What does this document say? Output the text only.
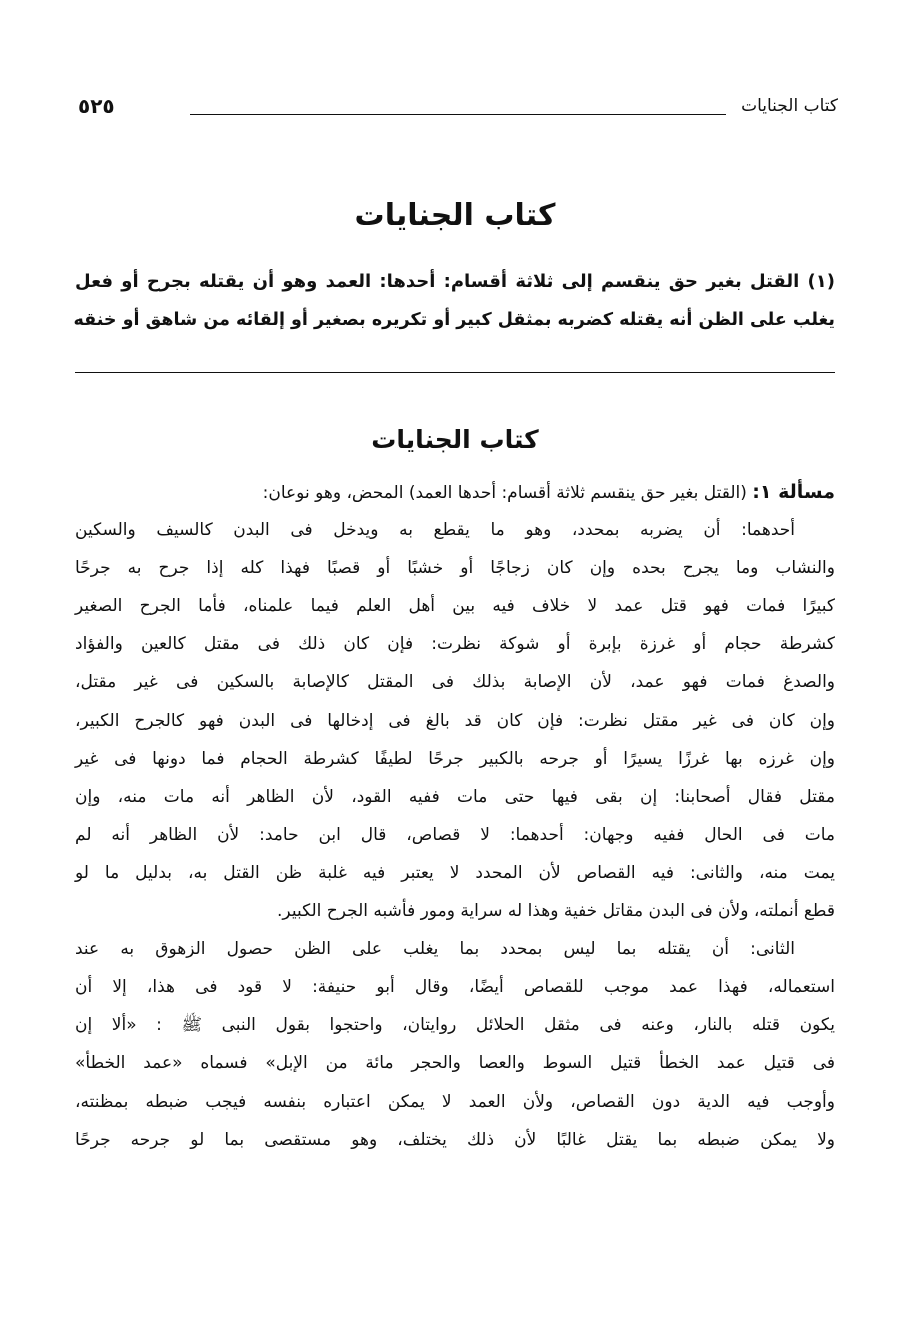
كتاب الجنايات
٥٢٥
كتاب الجنايات
(١) القتل بغير حق ينقسم إلى ثلاثة أقسام: أحدها: العمد وهو أن يقتله بجرح أو فعل
يغلب على الظن أنه يقتله كضربه بمثقل كبير أو تكريره بصغير أو إلقائه من شاهق أو خنقه
كتاب الجنايات
مسألة ١: (القتل بغير حق ينقسم ثلاثة أقسام: أحدها العمد) المحض، وهو نوعان:
أحدهما: أن يضربه بمحدد، وهو ما يقطع به ويدخل فى البدن كالسيف والسكين
والنشاب وما يجرح بحده وإن كان زجاجًا أو خشبًا أو قصبًا فهذا كله إذا جرح به جرحًا
كبيرًا فمات فهو قتل عمد لا خلاف فيه بين أهل العلم فيما علمناه، فأما الجرح الصغير
كشرطة حجام أو غرزة بإبرة أو شوكة نظرت: فإن كان ذلك فى مقتل كالعين والفؤاد
والصدغ فمات فهو عمد، لأن الإصابة بذلك فى المقتل كالإصابة بالسكين فى غير مقتل،
وإن كان فى غير مقتل نظرت: فإن كان قد بالغ فى إدخالها فى البدن فهو كالجرح الكبير،
وإن غرزه بها غرزًا يسيرًا أو جرحه بالكبير جرحًا لطيفًا كشرطة الحجام فما دونها فى غير
مقتل فقال أصحابنا: إن بقى فيها حتى مات ففيه القود، لأن الظاهر أنه مات منه، وإن
مات فى الحال ففيه وجهان: أحدهما: لا قصاص، قال ابن حامد: لأن الظاهر أنه لم
يمت منه، والثانى: فيه القصاص لأن المحدد لا يعتبر فيه غلبة ظن القتل به، بدليل ما لو
قطع أنملته، ولأن فى البدن مقاتل خفية وهذا له سراية ومور فأشبه الجرح الكبير.
الثانى: أن يقتله بما ليس بمحدد بما يغلب على الظن حصول الزهوق به عند
استعماله، فهذا عمد موجب للقصاص أيضًا، وقال أبو حنيفة: لا قود فى هذا، إلا أن
يكون قتله بالنار، وعنه فى مثقل الحلائل روايتان، واحتجوا بقول النبى ﷺ : «ألا إن
فى قتيل عمد الخطأ قتيل السوط والعصا والحجر مائة من الإبل» فسماه «عمد الخطأ»
وأوجب فيه الدية دون القصاص، ولأن العمد لا يمكن اعتباره بنفسه فيجب ضبطه بمظنته،
ولا يمكن ضبطه بما يقتل غالبًا لأن ذلك يختلف، وهو مستقصى بما لو جرحه جرحًا
